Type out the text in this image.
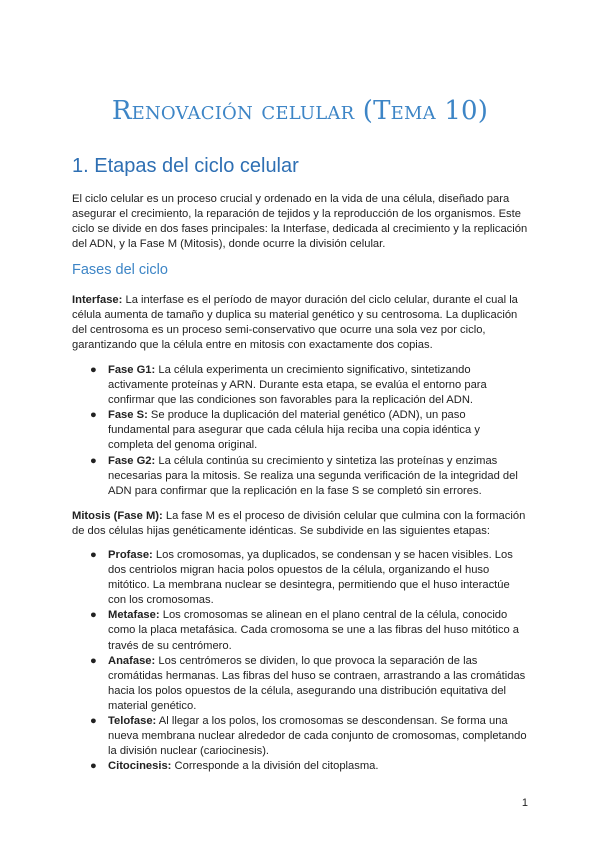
Renovación celular (Tema 10)
1. Etapas del ciclo celular

El ciclo celular es un proceso crucial y ordenado en la vida de una célula, diseñado para asegurar el crecimiento, la reparación de tejidos y la reproducción de los organismos. Este ciclo se divide en dos fases principales: la Interfase, dedicada al crecimiento y la replicación del ADN, y la Fase M (Mitosis), donde ocurre la división celular.

Fases del ciclo

Interfase: La interfase es el período de mayor duración del ciclo celular, durante el cual la célula aumenta de tamaño y duplica su material genético y su centrosoma. La duplicación del centrosoma es un proceso semi-conservativo que ocurre una sola vez por ciclo, garantizando que la célula entre en mitosis con exactamente dos copias.

●	Fase G1: La célula experimenta un crecimiento significativo, sintetizando activamente proteínas y ARN. Durante esta etapa, se evalúa el entorno para confirmar que las condiciones son favorables para la replicación del ADN.
●	Fase S: Se produce la duplicación del material genético (ADN), un paso fundamental para asegurar que cada célula hija reciba una copia idéntica y completa del genoma original.
●	Fase G2: La célula continúa su crecimiento y sintetiza las proteínas y enzimas necesarias para la mitosis. Se realiza una segunda verificación de la integridad del ADN para confirmar que la replicación en la fase S se completó sin errores.

Mitosis (Fase M): La fase M es el proceso de división celular que culmina con la formación de dos células hijas genéticamente idénticas. Se subdivide en las siguientes etapas:

●	Profase: Los cromosomas, ya duplicados, se condensan y se hacen visibles. Los dos centriolos migran hacia polos opuestos de la célula, organizando el huso mitótico. La membrana nuclear se desintegra, permitiendo que el huso interactúe con los cromosomas.
●	Metafase: Los cromosomas se alinean en el plano central de la célula, conocido como la placa metafásica. Cada cromosoma se une a las fibras del huso mitótico a través de su centrómero.
●	Anafase: Los centrómeros se dividen, lo que provoca la separación de las cromátidas hermanas. Las fibras del huso se contraen, arrastrando a las cromátidas hacia los polos opuestos de la célula, asegurando una distribución equitativa del material genético.
●	Telofase: Al llegar a los polos, los cromosomas se descondensan. Se forma una nueva membrana nuclear alrededor de cada conjunto de cromosomas, completando la división nuclear (cariocinesis).
●	Citocinesis: Corresponde a la división del citoplasma.
1
